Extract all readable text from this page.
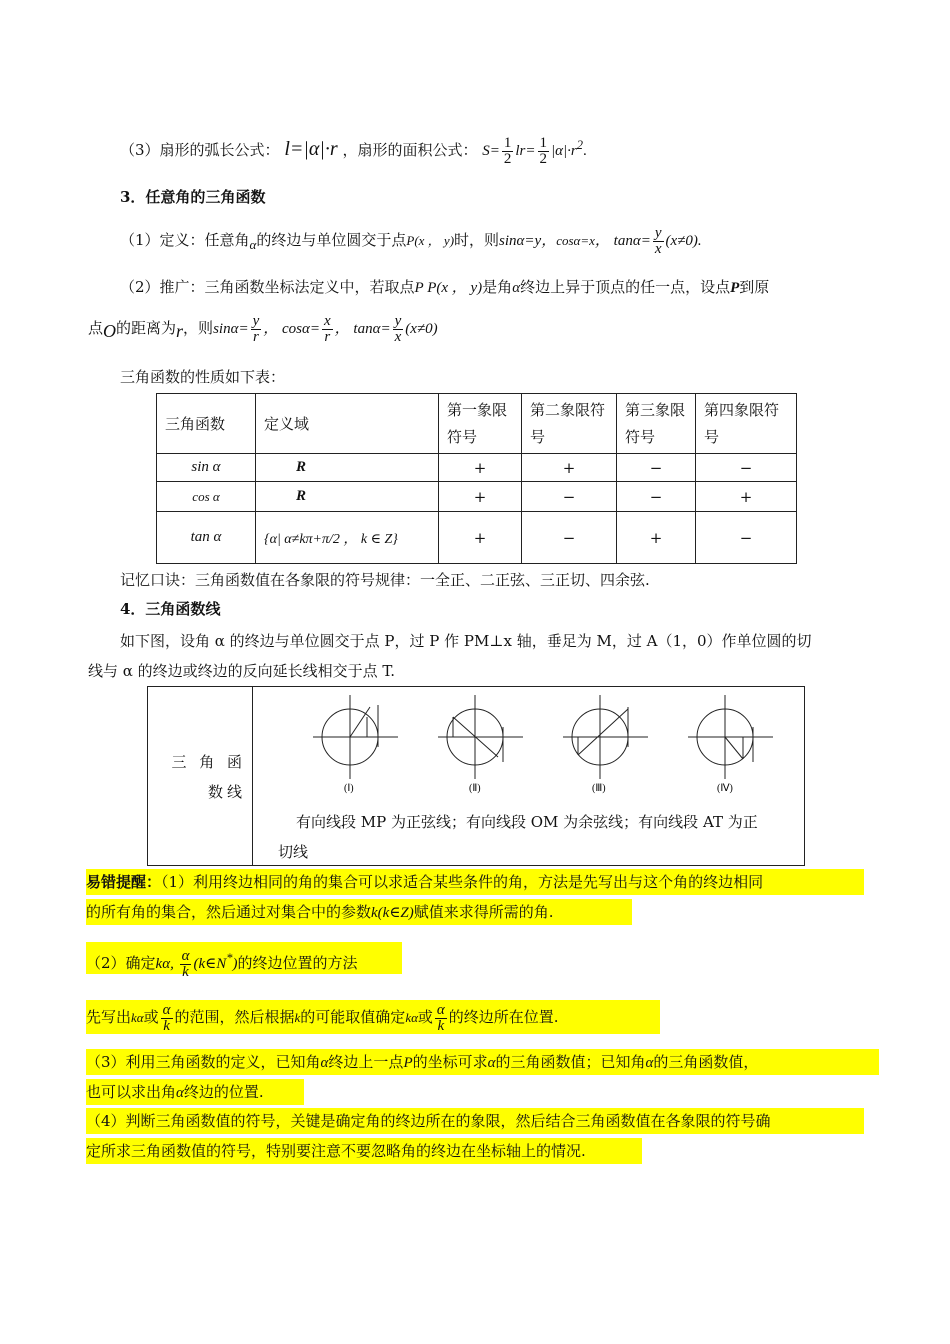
（3）扇形的弧长公式： l=|α|·r ，扇形的面积公式： $S= \frac{1}{2} lr= \frac{1}{2} |\alpha|\cdot r^2$.
3．任意角的三角函数
（1）定义：任意角$_\alpha$的终边与单位圆交于点P(x ， y)时，则sinα=y，cosα=x， $\tan\alpha= \frac{y}{x} (x\ne 0)$.
（2）推广：三角函数坐标法定义中，若取点P P(x ， y)是角α终边上异于顶点的任一点，设点P到原
点$_O$的距离为$_r$，则$\sin\alpha= \frac{y}{r}$ ， $\cos\alpha= \frac{x}{r}$ ， $\tan\alpha= \frac{y}{x} (x\ne 0)$
三角函数的性质如下表：
三角函数	定义域	第一象限符号	第二象限符号	第三象限符号	第四象限符号
sin α	R	+	+	−	−
cos α	R	+	−	−	+
tan α	{α| α≠kπ+π/2 ， k ∈ Z}	+	−	+	−
记忆口诀：三角函数值在各象限的符号规律：一全正、二正弦、三正切、四余弦.
4．三角函数线
如下图，设角 α 的终边与单位圆交于点 P，过 P 作 PM⊥x 轴，垂足为 M，过 A（1，0）作单位圆的切
线与 α 的终边或终边的反向延长线相交于点 T.
三 角 函 数线	(Ⅰ)	(Ⅱ)	(Ⅲ)	(Ⅳ)
有向线段 MP 为正弦线；有向线段 OM 为余弦线；有向线段 AT 为正
切线
易错提醒：（1）利用终边相同的角的集合可以求适合某些条件的角，方法是先写出与这个角的终边相同
的所有角的集合，然后通过对集合中的参数k(k∈Z)赋值来求得所需的角.
（2）确定kα, $\frac{\alpha}{k}$ (k∈N*)的终边位置的方法
先写出kα或 $\frac{\alpha}{k}$ 的范围，然后根据k的可能取值确定kα或 $\frac{\alpha}{k}$ 的终边所在位置.
（3）利用三角函数的定义，已知角α终边上一点P的坐标可求α的三角函数值；已知角α的三角函数值，
也可以求出角α终边的位置.
（4）判断三角函数值的符号，关键是确定角的终边所在的象限，然后结合三角函数值在各象限的符号确
定所求三角函数值的符号，特别要注意不要忽略角的终边在坐标轴上的情况.
